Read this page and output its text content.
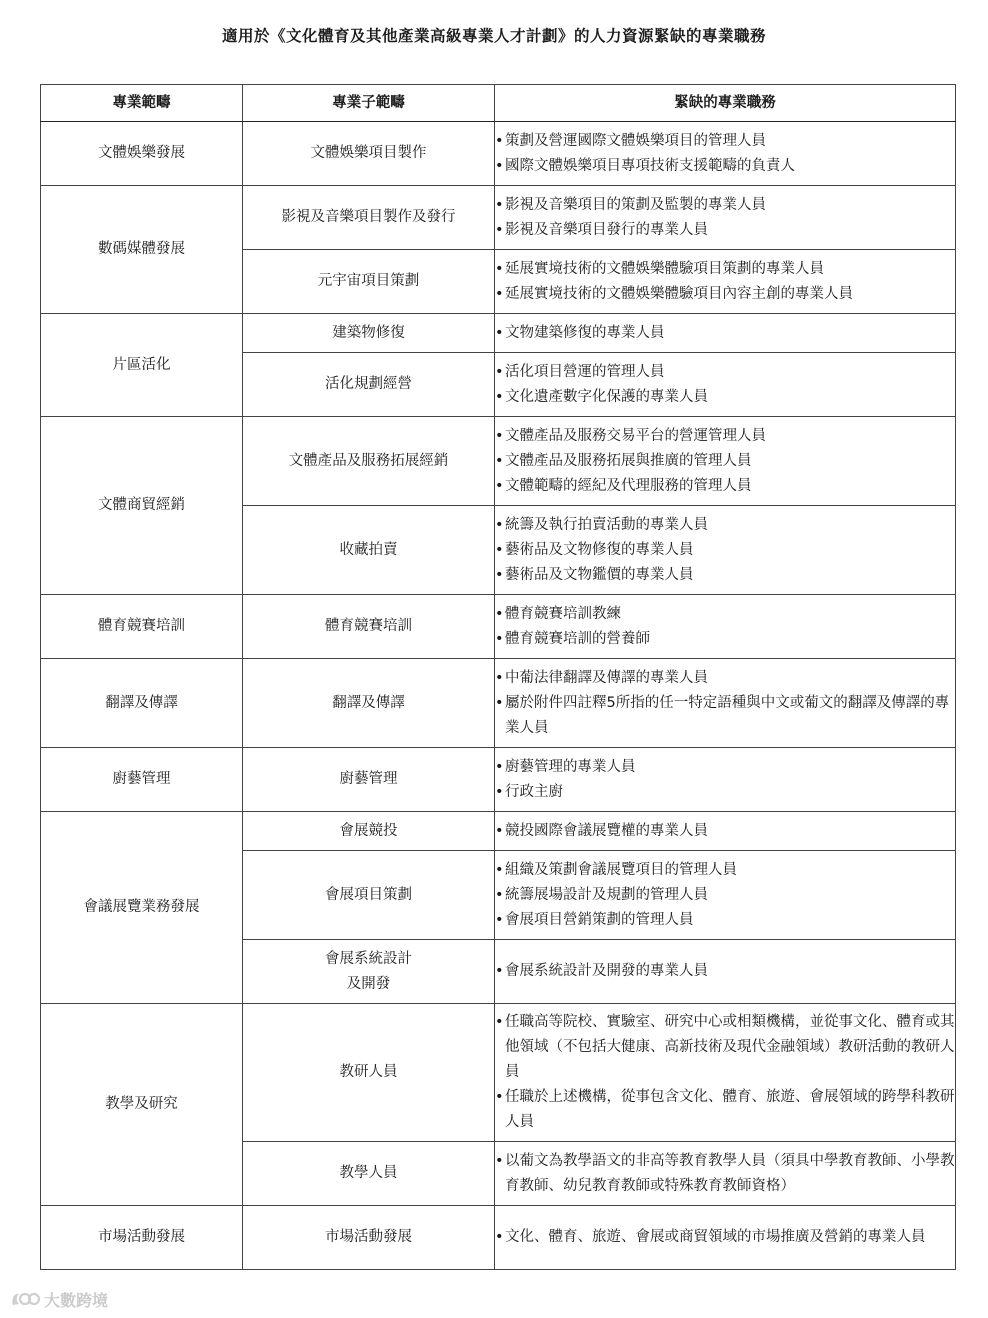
適用於《文化體育及其他產業高級專業人才計劃》的人力資源緊缺的專業職務
專業範疇	專業子範疇	緊缺的專業職務
文體娛樂發展	文體娛樂項目製作	•策劃及營運國際文體娛樂項目的管理人員
•國際文體娛樂項目專項技術支援範疇的負責人

數碼媒體發展	影視及音樂項目製作及發行	•影視及音樂項目的策劃及監製的專業人員
•影視及音樂項目發行的專業人員

	元宇宙項目策劃	•延展實境技術的文體娛樂體驗項目策劃的專業人員
•延展實境技術的文體娛樂體驗項目內容主創的專業人員

片區活化	建築物修復	•文物建築修復的專業人員

	活化規劃經營	•活化項目營運的管理人員
•文化遺產數字化保護的專業人員

文體商貿經銷	文體產品及服務拓展經銷	•文體產品及服務交易平台的營運管理人員
•文體產品及服務拓展與推廣的管理人員
•文體範疇的經紀及代理服務的管理人員

	收藏拍賣	•統籌及執行拍賣活動的專業人員
•藝術品及文物修復的專業人員
•藝術品及文物鑑價的專業人員

體育競賽培訓	體育競賽培訓	•體育競賽培訓教練
•體育競賽培訓的營養師

翻譯及傳譯	翻譯及傳譯	•中葡法律翻譯及傳譯的專業人員
•屬於附件四註釋5所指的任一特定語種與中文或葡文的翻譯及傳譯的專業人員

廚藝管理	廚藝管理	•廚藝管理的專業人員
•行政主廚

會議展覽業務發展	會展競投	•競投國際會議展覽權的專業人員

	會展項目策劃	•組織及策劃會議展覽項目的管理人員
•統籌展場設計及規劃的管理人員
•會展項目營銷策劃的管理人員

	會展系統設計
及開發	•會展系統設計及開發的專業人員

教學及研究	教研人員	•任職高等院校、實驗室、研究中心或相類機構，並從事文化、體育或其他領域（不包括大健康、高新技術及現代金融領域）教研活動的教研人員
•任職於上述機構，從事包含文化、體育、旅遊、會展領域的跨學科教研人員

	教學人員	•以葡文為教學語文的非高等教育教學人員（須具中學教育教師、小學教育教師、幼兒教育教師或特殊教育教師資格）

市場活動發展	市場活動發展	•文化、體育、旅遊、會展或商貿領域的市場推廣及營銷的專業人員
大數跨境
